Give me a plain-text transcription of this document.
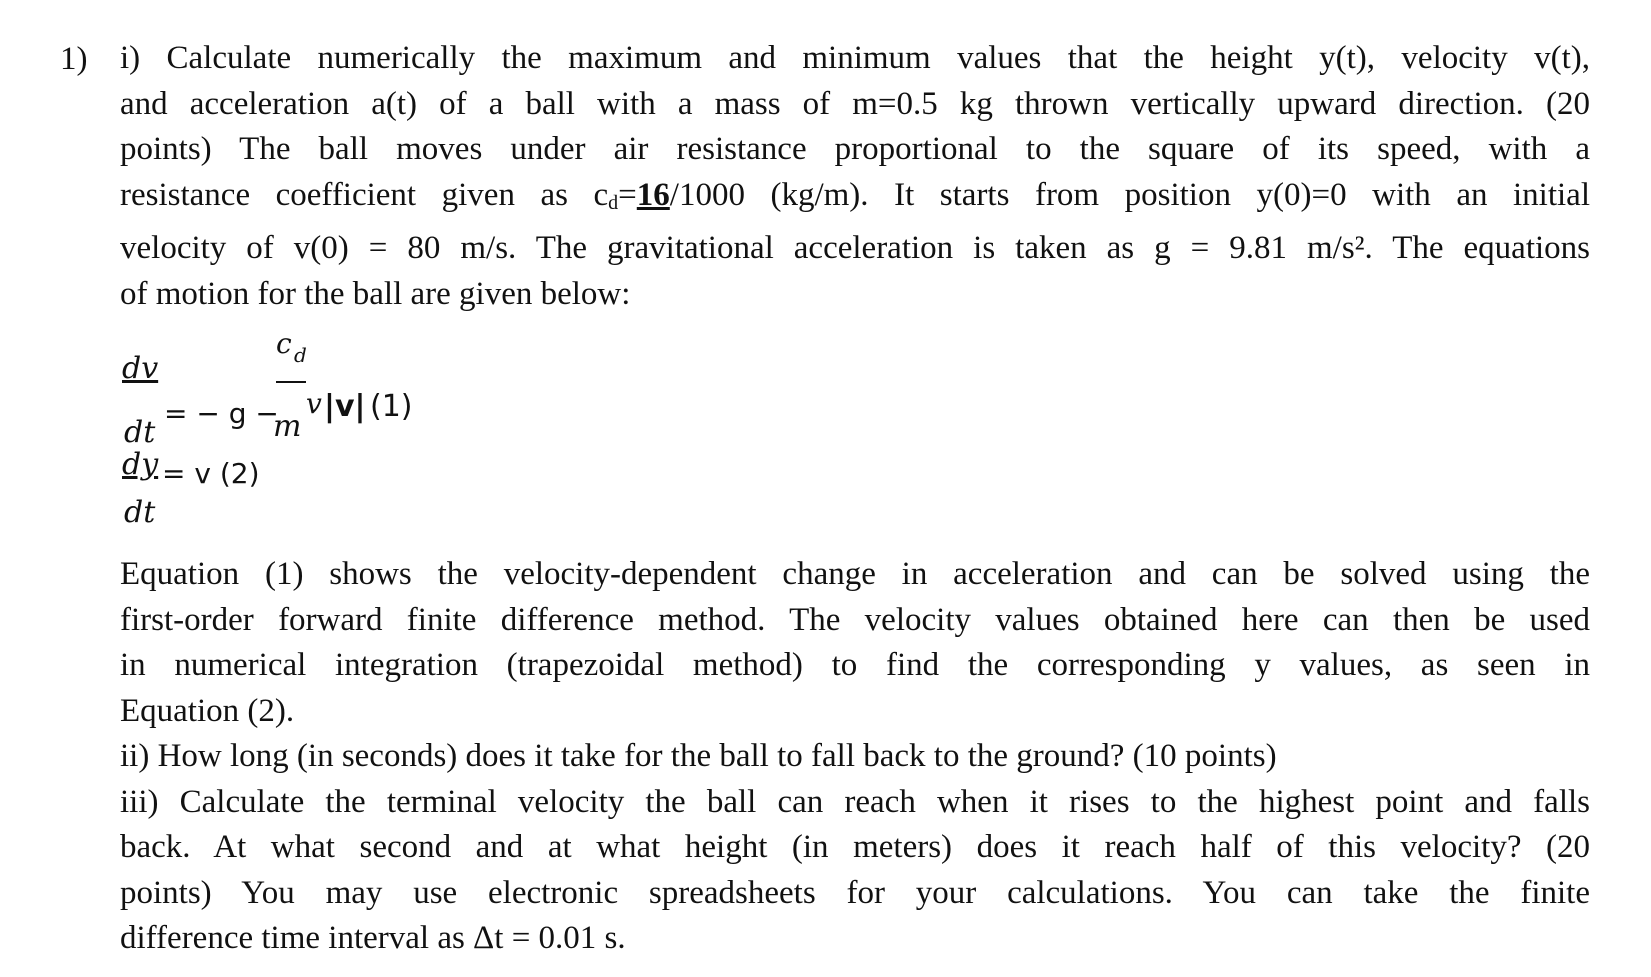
1) i) Calculate numerically the maximum and minimum values that the height y(t), velocity v(t),

and acceleration a(t) of a ball with a mass of m=0.5 kg thrown vertically upward direction. (20

points) The ball moves under air resistance proportional to the square of its speed, with a

resistance coefficient given as $c_d=16/1000$ (kg/m). It starts from position y(0)=0 with an initial

velocity of v(0) = 80 m/s. The gravitational acceleration is taken as g = 9.81 m/s². The equations

of motion for the ball are given below:

dv
c d
dt
= − g −
m
v |v| (1)
dy = v (2)
dt

Equation (1) shows the velocity-dependent change in acceleration and can be solved using the

first-order forward finite difference method. The velocity values obtained here can then be used

in numerical integration (trapezoidal method) to find the corresponding y values, as seen in

Equation (2).

ii) How long (in seconds) does it take for the ball to fall back to the ground? (10 points)

iii) Calculate the terminal velocity the ball can reach when it rises to the highest point and falls

back. At what second and at what height (in meters) does it reach half of this velocity? (20

points) You may use electronic spreadsheets for your calculations. You can take the finite

difference time interval as Δt = 0.01 s.
